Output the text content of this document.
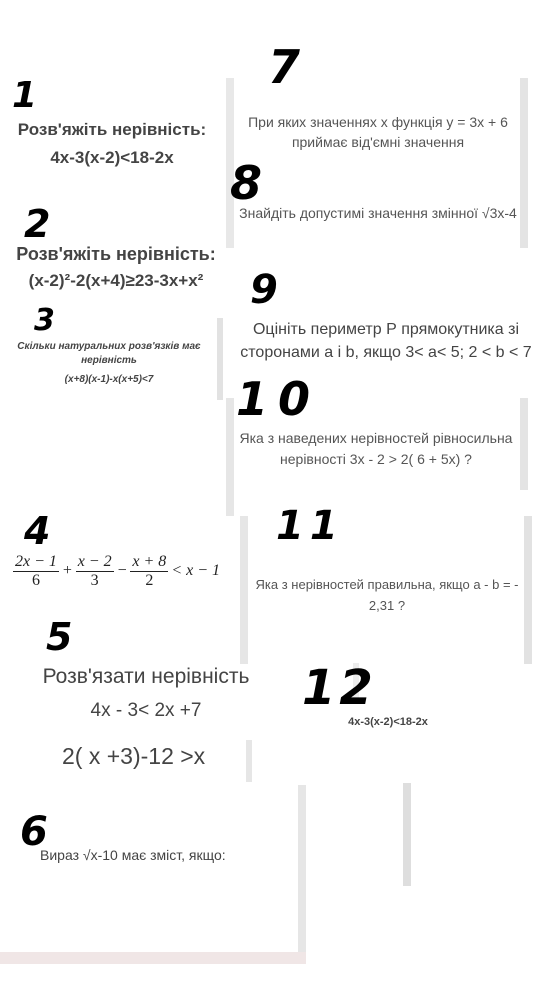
1
Розв'яжіть нерівність:
4х-3(х-2)<18-2х
2
Розв'яжіть нерівність:
(х-2)²-2(х+4)≥23-3х+х²
3
Скільки натуральних розв'язків має нерівність
(х+8)(х-1)-х(х+5)<7
4
$\frac{2x - 1}{6} + \frac{x - 2}{3} - \frac{x + 8}{2} < x - 1$
5
Розв'язати нерівність
4x - 3< 2x +7
2( x +3)-12 >x
6
Вираз √х-10 має зміст, якщо:
7
При яких значеннях х функція у = 3х + 6 приймає від'ємні значення
8
Знайдіть допустимі значення змінної √3х-4
9
Оцініть периметр Р прямокутника зі сторонами а і b, якщо 3< а< 5; 2 < b < 7
10
Яка з наведених нерівностей рівносильна нерівності 3х - 2 > 2( 6 + 5х) ?
11
Яка з нерівностей правильна, якщо а - b = - 2,31 ?
12
4x-3(x-2)<18-2x
